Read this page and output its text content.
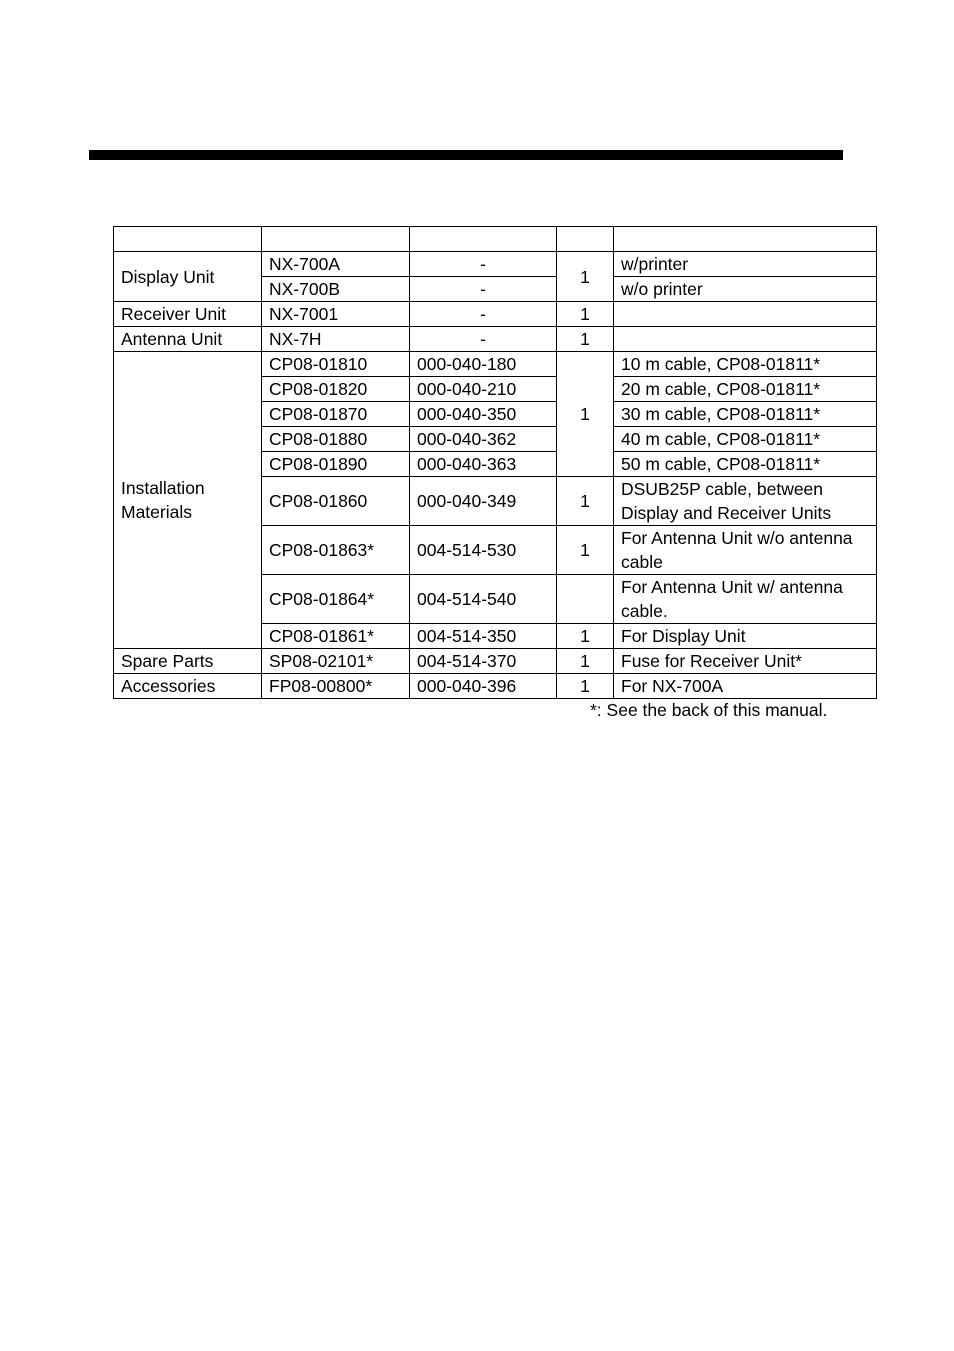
Display Unit	NX-700A	-	1	w/printer
	NX-700B	-		w/o printer
Receiver Unit	NX-7001	-	1	
Antenna Unit	NX-7H	-	1	
Installation Materials	CP08-01810	000-040-180	1	10 m cable, CP08-01811*
	CP08-01820	000-040-210		20 m cable, CP08-01811*
	CP08-01870	000-040-350		30 m cable, CP08-01811*
	CP08-01880	000-040-362		40 m cable, CP08-01811*
	CP08-01890	000-040-363		50 m cable, CP08-01811*
	CP08-01860	000-040-349	1	DSUB25P cable, between Display and Receiver Units
	CP08-01863*	004-514-530	1	For Antenna Unit w/o antenna cable
	CP08-01864*	004-514-540		For Antenna Unit w/ antenna cable.
	CP08-01861*	004-514-350	1	For Display Unit
Spare Parts	SP08-02101*	004-514-370	1	Fuse for Receiver Unit*
Accessories	FP08-00800*	000-040-396	1	For NX-700A
*: See the back of this manual.
